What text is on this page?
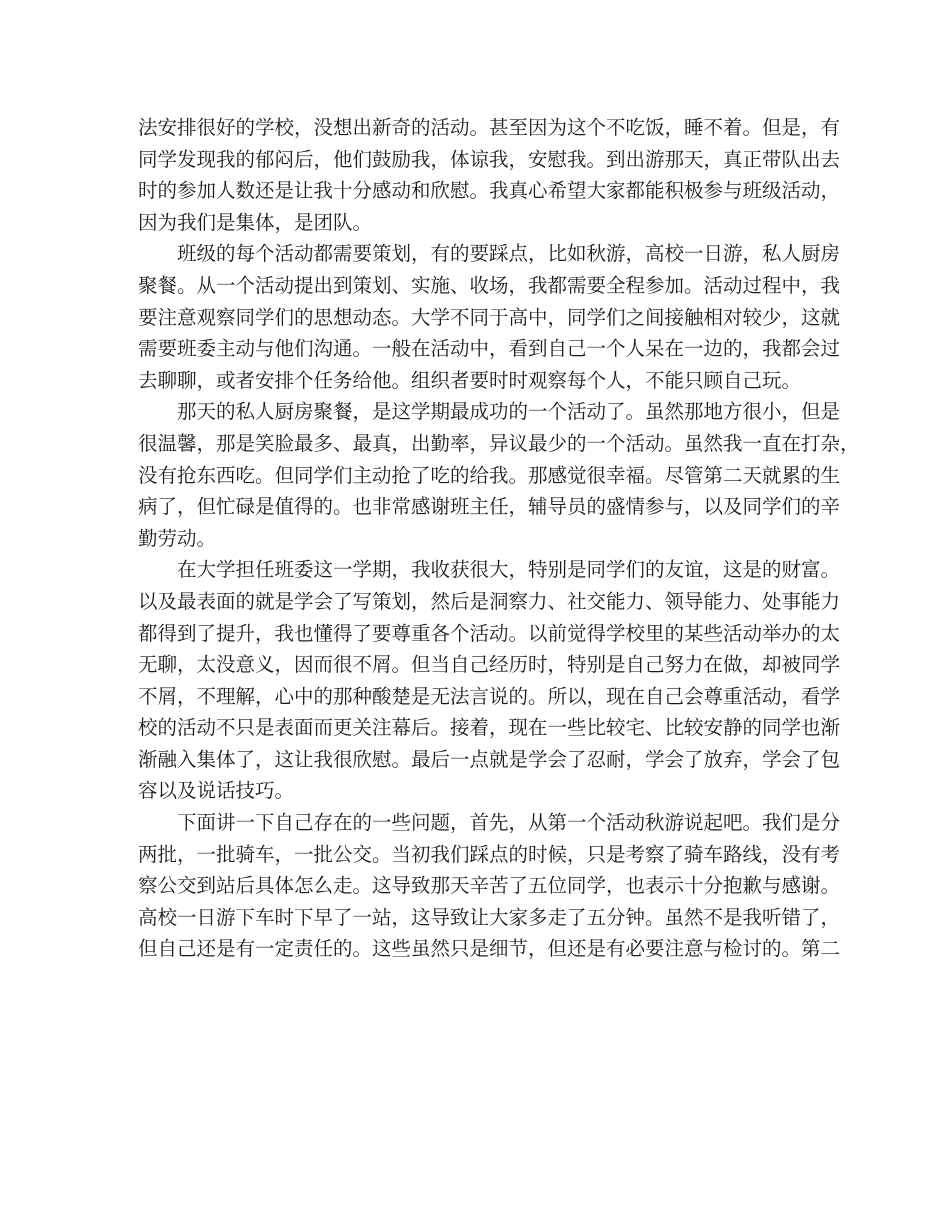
法安排很好的学校，没想出新奇的活动。甚至因为这个不吃饭，睡不着。但是，有
同学发现我的郁闷后，他们鼓励我，体谅我，安慰我。到出游那天，真正带队出去
时的参加人数还是让我十分感动和欣慰。我真心希望大家都能积极参与班级活动，
因为我们是集体，是团队。

班级的每个活动都需要策划，有的要踩点，比如秋游，高校一日游，私人厨房
聚餐。从一个活动提出到策划、实施、收场，我都需要全程参加。活动过程中，我
要注意观察同学们的思想动态。大学不同于高中，同学们之间接触相对较少，这就
需要班委主动与他们沟通。一般在活动中，看到自己一个人呆在一边的，我都会过
去聊聊，或者安排个任务给他。组织者要时时观察每个人，不能只顾自己玩。

那天的私人厨房聚餐，是这学期最成功的一个活动了。虽然那地方很小，但是
很温馨，那是笑脸最多、最真，出勤率，异议最少的一个活动。虽然我一直在打杂，
没有抢东西吃。但同学们主动抢了吃的给我。那感觉很幸福。尽管第二天就累的生
病了，但忙碌是值得的。也非常感谢班主任，辅导员的盛情参与，以及同学们的辛
勤劳动。

在大学担任班委这一学期，我收获很大，特别是同学们的友谊，这是的财富。
以及最表面的就是学会了写策划，然后是洞察力、社交能力、领导能力、处事能力
都得到了提升，我也懂得了要尊重各个活动。以前觉得学校里的某些活动举办的太
无聊，太没意义，因而很不屑。但当自己经历时，特别是自己努力在做，却被同学
不屑，不理解，心中的那种酸楚是无法言说的。所以，现在自己会尊重活动，看学
校的活动不只是表面而更关注幕后。接着，现在一些比较宅、比较安静的同学也渐
渐融入集体了，这让我很欣慰。最后一点就是学会了忍耐，学会了放弃，学会了包
容以及说话技巧。

下面讲一下自己存在的一些问题，首先，从第一个活动秋游说起吧。我们是分
两批，一批骑车，一批公交。当初我们踩点的时候，只是考察了骑车路线，没有考
察公交到站后具体怎么走。这导致那天辛苦了五位同学，也表示十分抱歉与感谢。
高校一日游下车时下早了一站，这导致让大家多走了五分钟。虽然不是我听错了，
但自己还是有一定责任的。这些虽然只是细节，但还是有必要注意与检讨的。第二
